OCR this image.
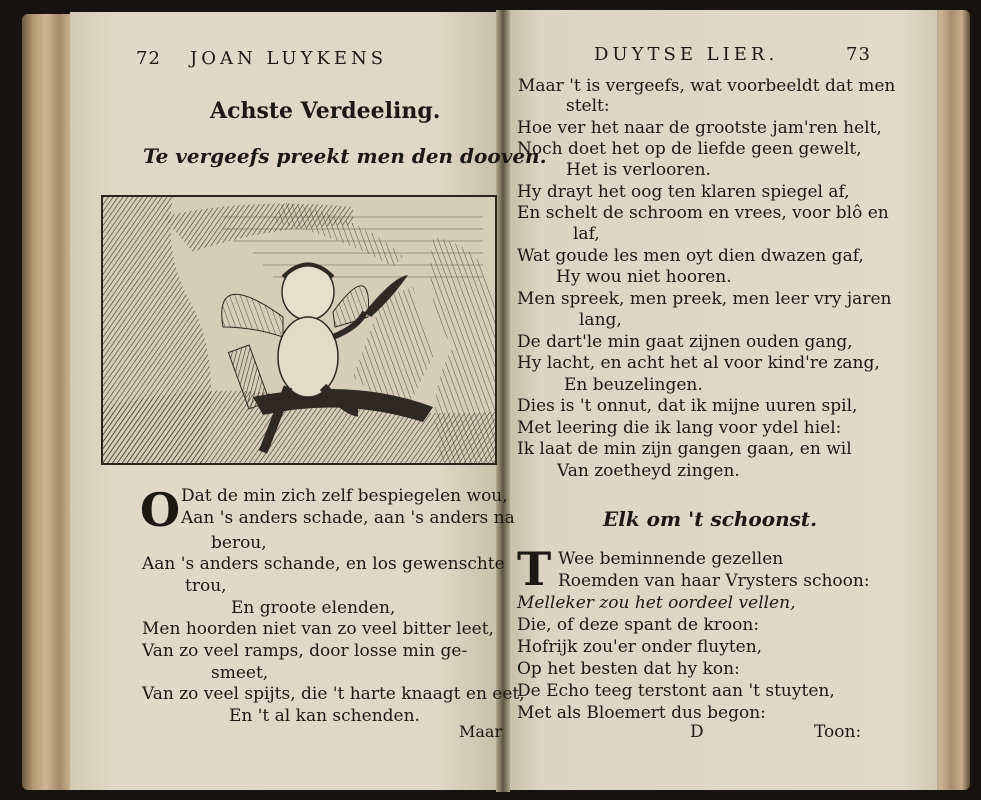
72 JOAN LUYKENS
Achste Verdeeling.
Te vergeefs preekt men den dooven.
O Dat de min zich zelf bespiegelen wou,
Aan 's anders schade, aan 's anders na
berou,
Aan 's anders schande, en los gewenschte
trou,
En groote elenden,
Men hoorden niet van zo veel bitter leet,
Van zo veel ramps, door losse min ge-
smeet,
Van zo veel spijts, die 't harte knaagt en eet,
En 't al kan schenden.
Maar
DUYTSE LIER.	73
Maar 't is vergeefs, wat voorbeeldt dat men
stelt:
Hoe ver het naar de grootste jam'ren helt,
Noch doet het op de liefde geen gewelt,
Het is verlooren.
Hy drayt het oog ten klaren spiegel af,
En schelt de schroom en vrees, voor blô en
laf,
Wat goude les men oyt dien dwazen gaf,
Hy wou niet hooren.
Men spreek, men preek, men leer vry jaren
lang,
De dart'le min gaat zijnen ouden gang,
Hy lacht, en acht het al voor kind're zang,
En beuzelingen.
Dies is 't onnut, dat ik mijne uuren spil,
Met leering die ik lang voor ydel hiel:
Ik laat de min zijn gangen gaan, en wil
Van zoetheyd zingen.
Elk om 't schoonst.
T Wee beminnende gezellen
Roemden van haar Vrysters schoon:
Melleker zou het oordeel vellen,
Die, of deze spant de kroon:
Hofrijk zou'er onder fluyten,
Op het besten dat hy kon:
De Echo teeg terstont aan 't stuyten,
Met als Bloemert dus begon:
D	Toon:
